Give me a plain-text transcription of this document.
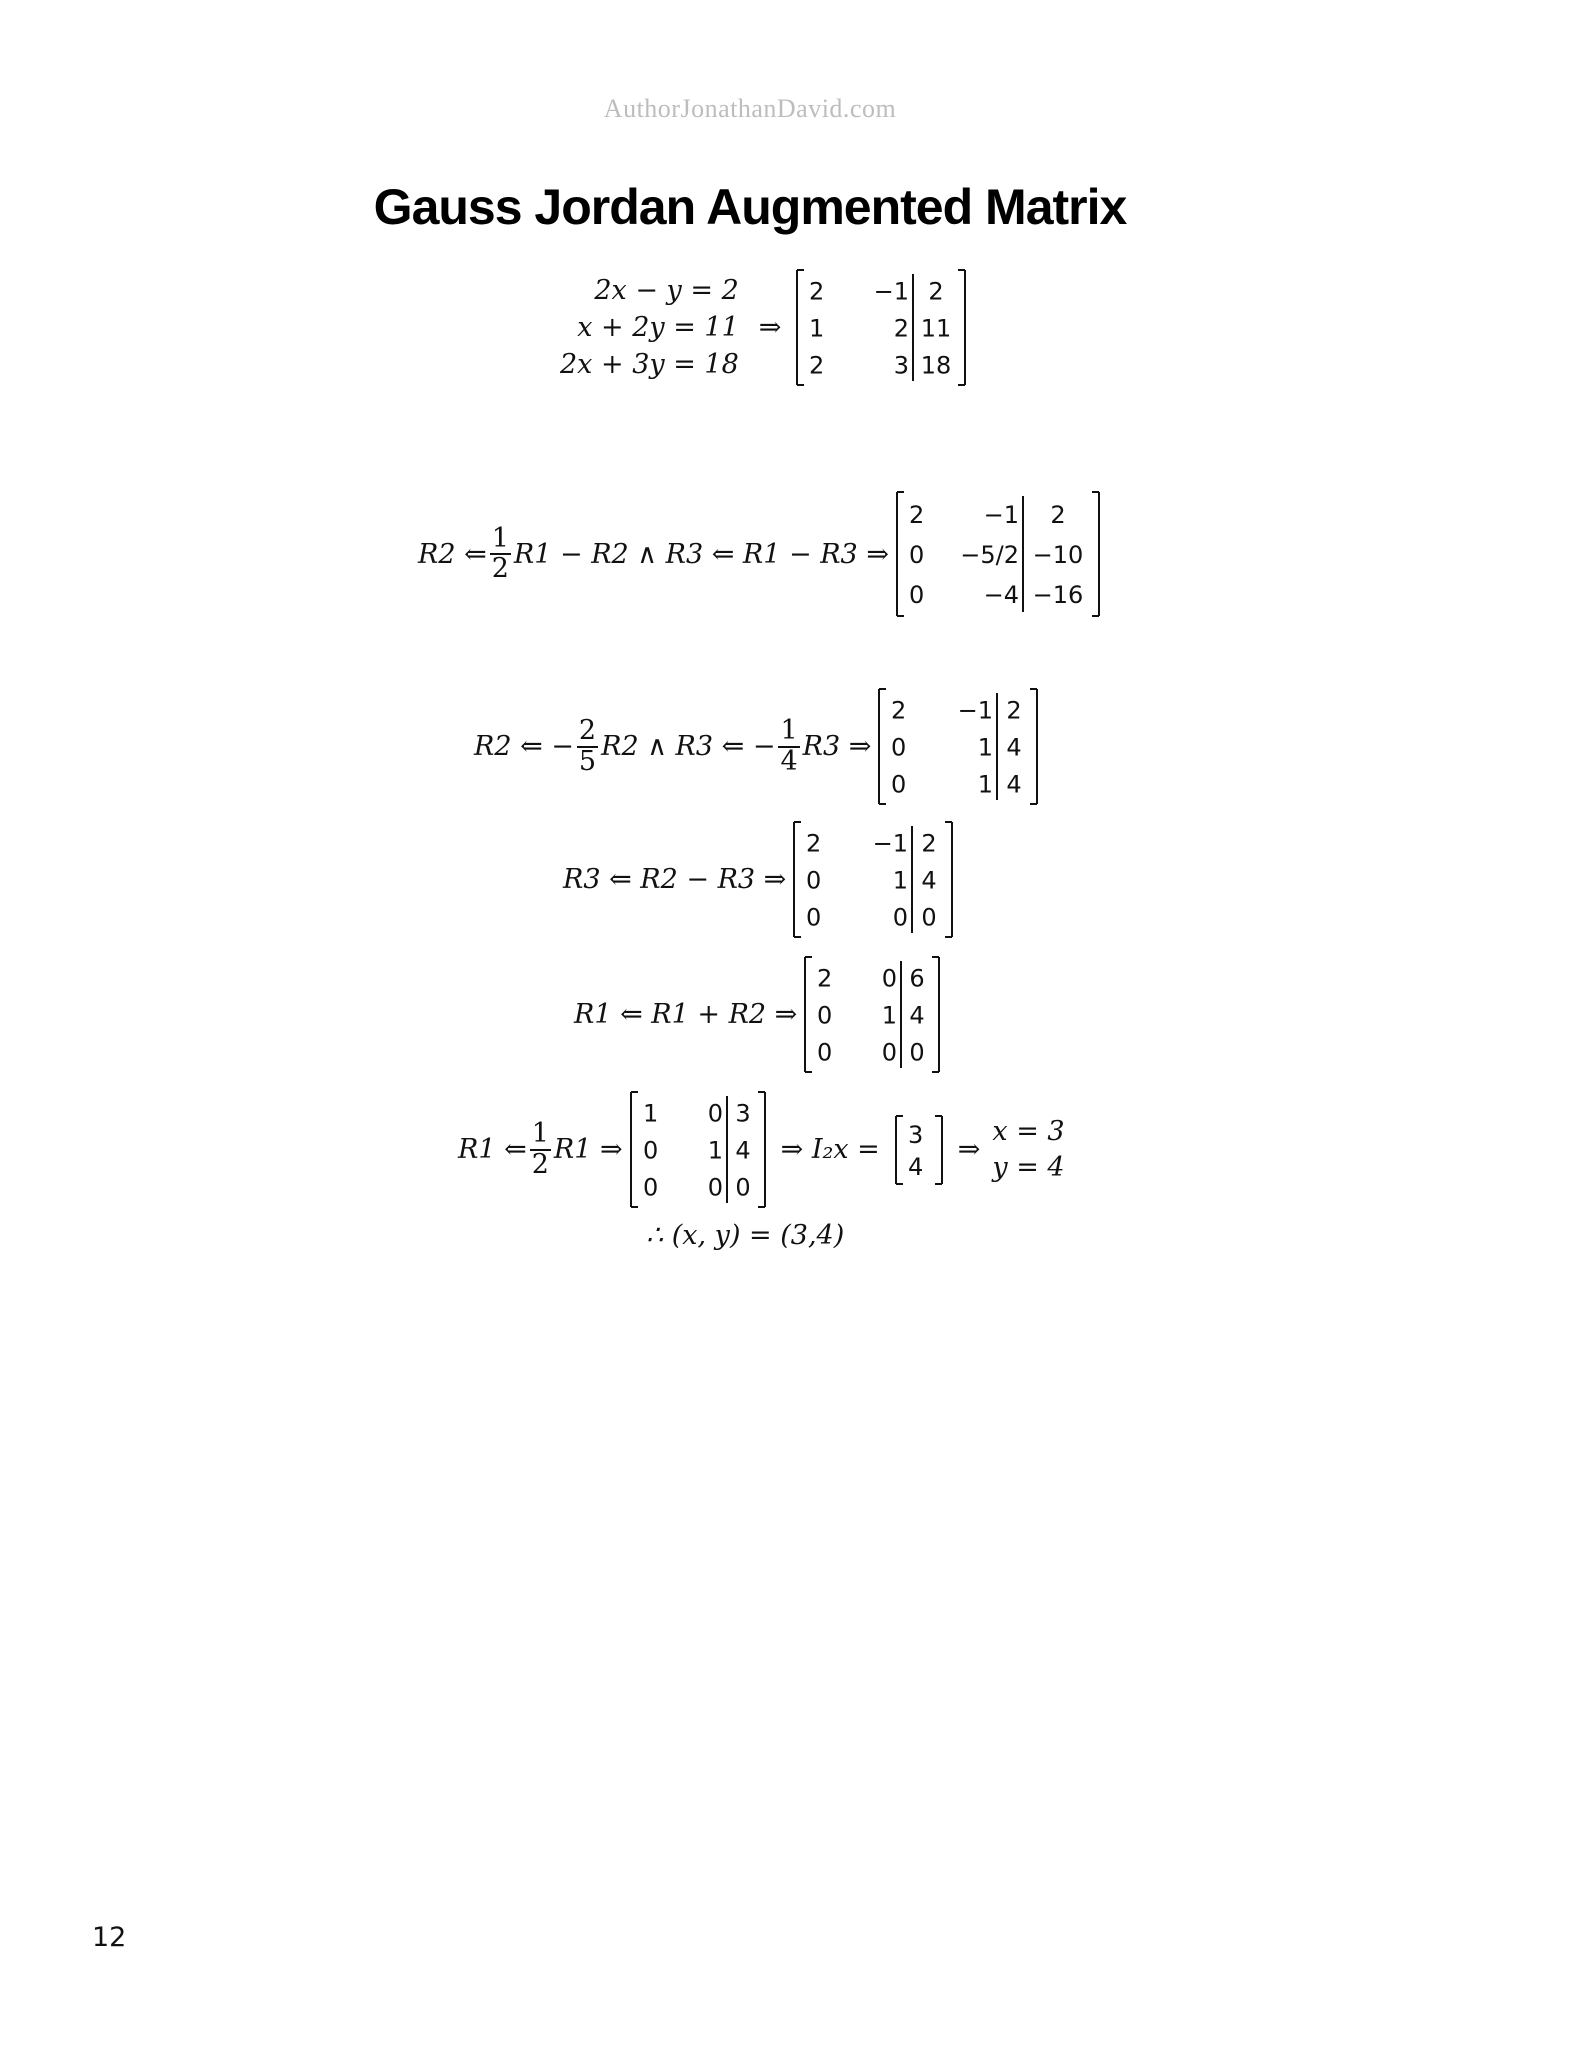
AuthorJonathanDavid.com
Gauss Jordan Augmented Matrix
2x − y = 2
x + 2y = 11
2x + 3y = 18
⇒
2 −1 2
1	2 11
2	3 18
R2 ⇐ $\frac{1}{2} R1 - R2$ ∧ R3 ⇐ R1 − R3 ⇒
2 −1 2
0 −5/2 −10
0 −4 −16
R2 ⇐ − $\frac{2}{5} R2$ ∧ R3 ⇐ − $\frac{1}{4} R3$ ⇒
2 −1 2
0	1 4
0	1 4
R3 ⇐ R2 − R3 ⇒
2 −1 2
0	1 4
0	0 0
R1 ⇐ R1 + R2 ⇒
2 0 6
0 1 4
0 0 0
R1 ⇐ $\frac{1}{2} R1$ ⇒
1 0 3
0 1 4
0 0 0
⇒ I₂x = 3
4
⇒
x = 3
y = 4
∴ (x, y) = (3,4)
12
